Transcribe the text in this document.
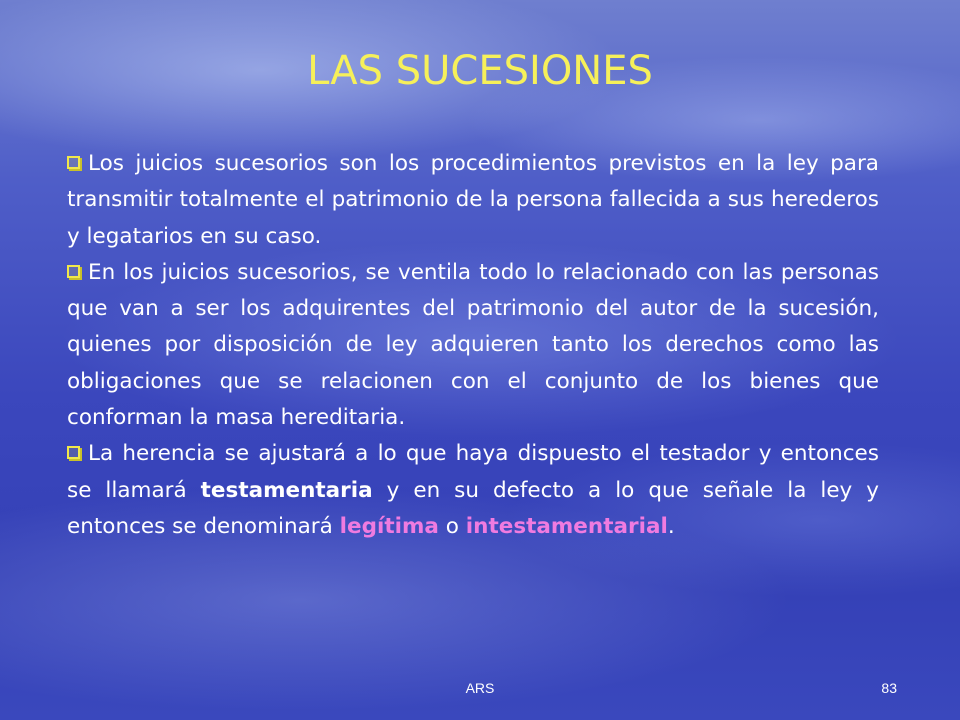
LAS SUCESIONES

Los juicios sucesorios son los procedimientos previstos en la ley para transmitir totalmente el patrimonio de la persona fallecida a sus herederos y legatarios en su caso.

En los juicios sucesorios, se ventila todo lo relacionado con las personas que van a ser los adquirentes del patrimonio del autor de la sucesión, quienes por disposición de ley adquieren tanto los derechos como las obligaciones que se relacionen con el conjunto de los bienes que conforman la masa hereditaria.

La herencia se ajustará a lo que haya dispuesto el testador y entonces se llamará testamentaria y en su defecto a lo que señale la ley y entonces se denominará legítima o intestamentarial.

ARS	83
